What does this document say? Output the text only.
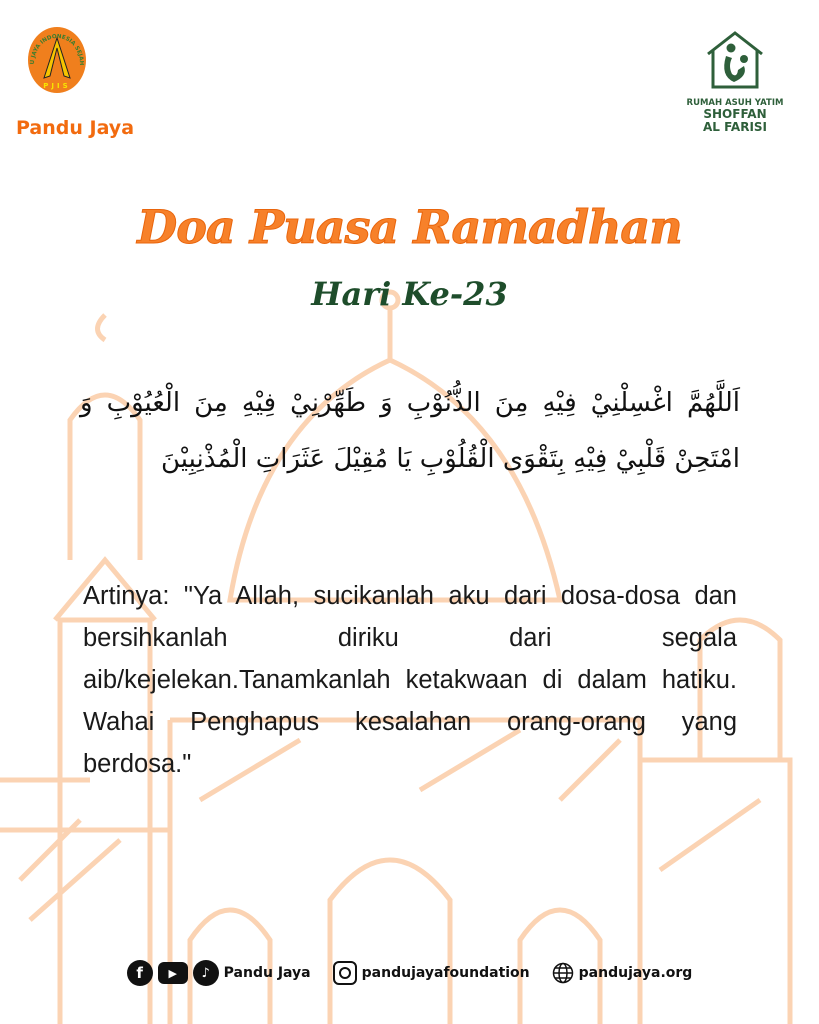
U JAYA INDONESIA SEJAH
PJIS
Pandu Jaya
RUMAH ASUH YATIM
SHOFFAN
AL FARISI
Doa Puasa Ramadhan
Hari Ke-23
اَللَّهُمَّ اغْسِلْنِيْ فِيْهِ مِنَ الذُّنُوْبِ وَ طَهِّرْنِيْ فِيْهِ مِنَ الْعُيُوْبِ وَ امْتَحِنْ قَلْبِيْ فِيْهِ بِتَقْوَى الْقُلُوْبِ يَا مُقِيْلَ عَثَرَاتِ الْمُذْنِبِيْنَ
Artinya: "Ya Allah, sucikanlah aku dari dosa-dosa dan bersihkanlah diriku dari segala aib/kejelekan.Tanamkanlah ketakwaan di dalam hatiku. Wahai Penghapus kesalahan orang-orang yang berdosa."
f	▶	♪ Pandu Jaya	pandujayafoundation	pandujaya.org
